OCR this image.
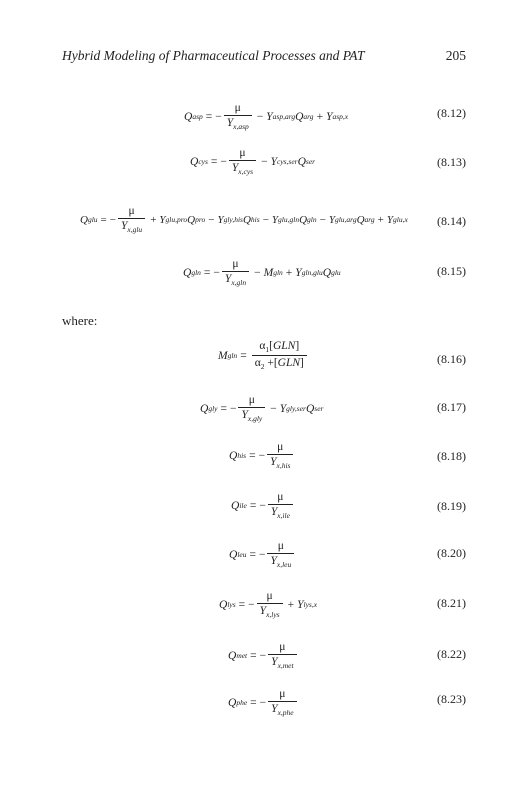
Hybrid Modeling of Pharmaceutical Processes and PAT	205
Q asp = − $\frac{\mu}{Y_{x,asp}} - Y$ asp,arg Q arg + Y asp,x	(8.12)
Q cys = − $\frac{\mu}{Y_{x,cys}} - Y$ cys,ser Q ser	(8.13)
Q glu = − $\frac{\mu}{Y_{x,glu}} + Y$ glu,pro Q pro − Y gly,his Q his − Y glu,gln Q gln − Y glu,arg Q arg + Y glu,x (8.14)
Q gln = − $\frac{\mu}{Y_{x,gln}} - M$ gln + Y gln,glu Q glu	(8.15)
where:
M $gln = \frac{\alpha_1[GLN]}{\alpha_2 +[GLN]}$	(8.16)
Q gly = − $\frac{\mu}{Y_{x,gly}} - Y$ gly,ser Q ser	(8.17)
Q his = − $\frac{\mu}{Y_{x,his}}$	(8.18)
Q ile = − $\frac{\mu}{Y_{x,ile}}$	(8.19)
Q leu = − $\frac{\mu}{Y_{x,leu}}$	(8.20)
Q lys = − $\frac{\mu}{Y_{x,lys}} + Y$ lys,x	(8.21)
Q met = − $\frac{\mu}{Y_{x,met}}$	(8.22)
Q phe = − $\frac{\mu}{Y_{x,phe}}$	(8.23)
